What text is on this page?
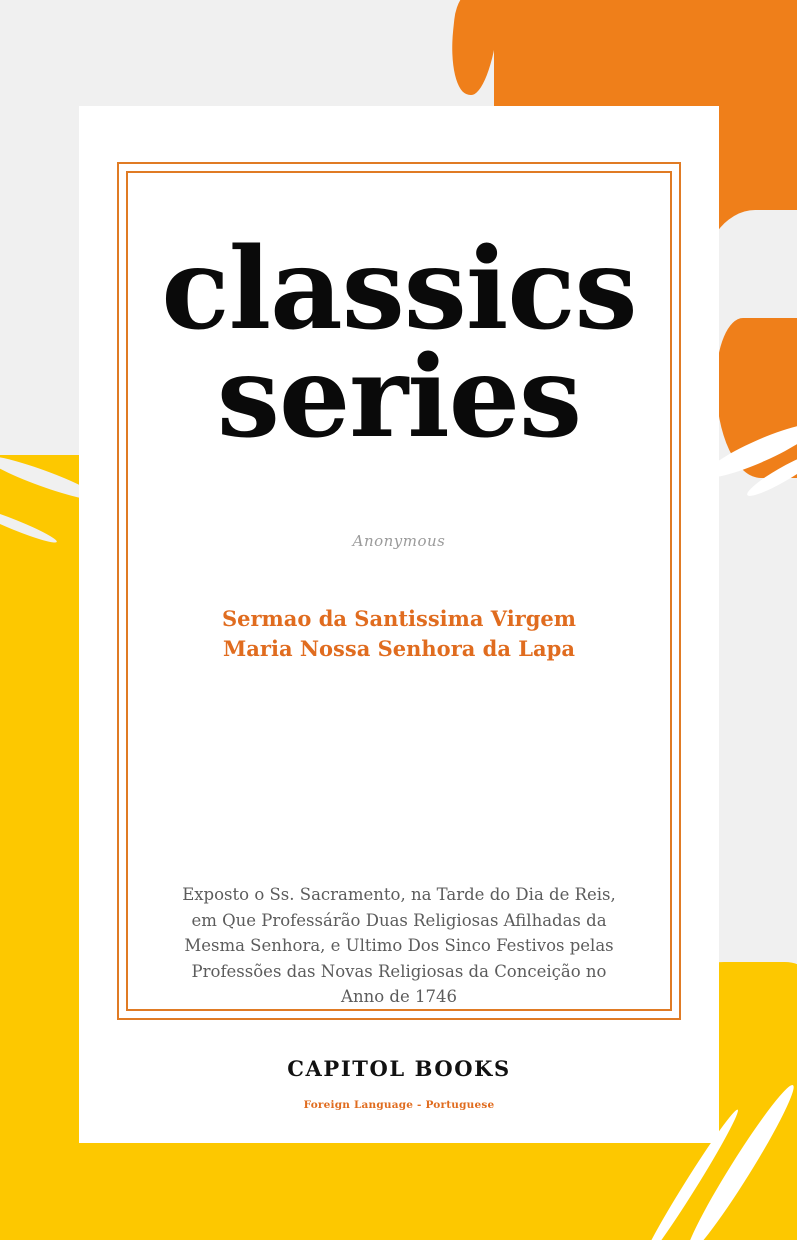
classics
series
Anonymous
Sermao da Santissima Virgem Maria Nossa Senhora da Lapa
Exposto o Ss. Sacramento, na Tarde do Dia de Reis, em Que Professárão Duas Religiosas Afilhadas da Mesma Senhora, e Ultimo Dos Sinco Festivos pelas Professões das Novas Religiosas da Conceição no Anno de 1746
CAPITOL BOOKS
Foreign Language - Portuguese
